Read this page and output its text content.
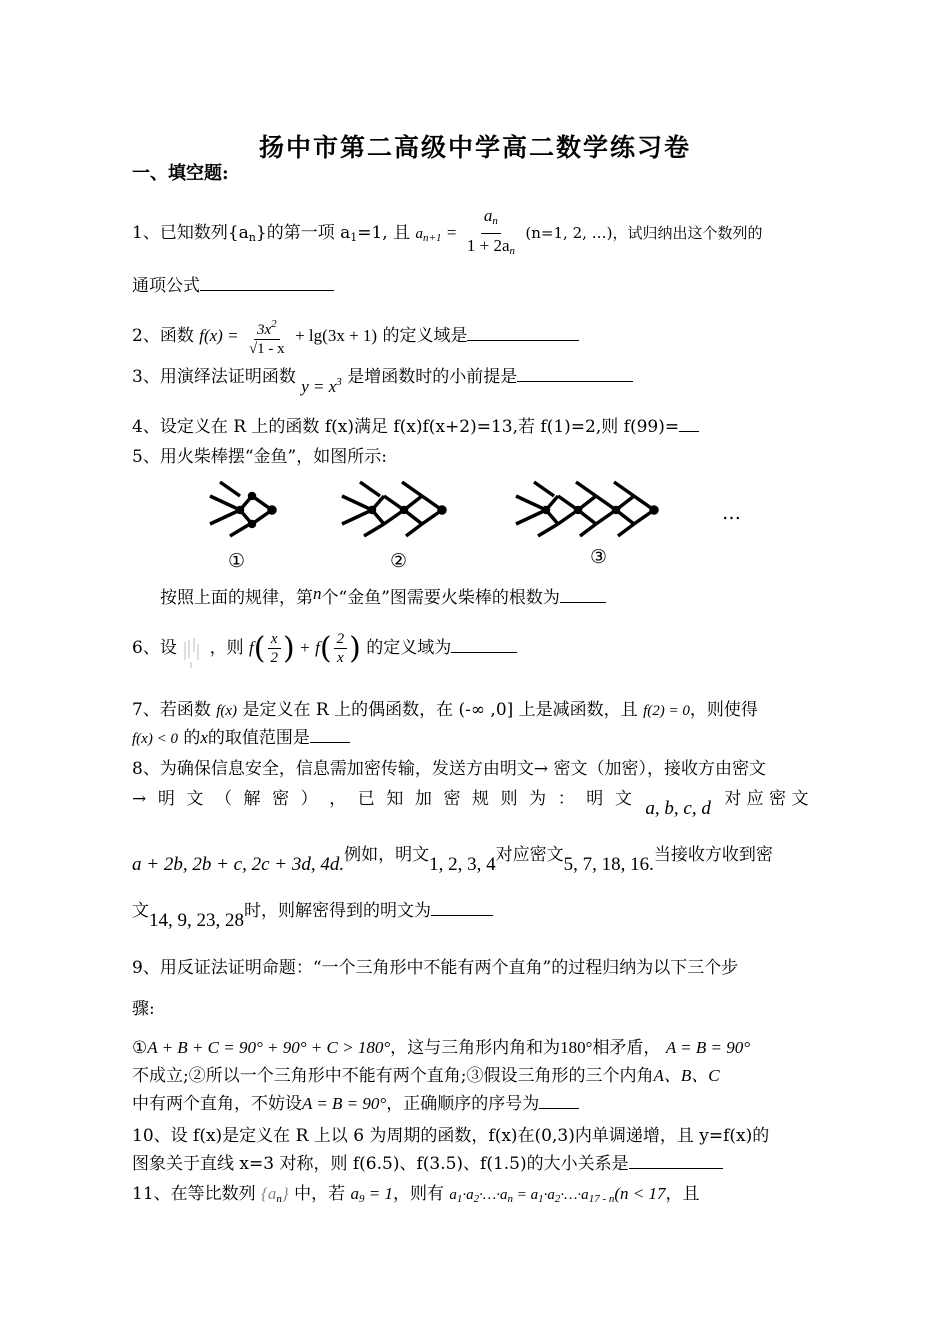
扬中市第二高级中学高二数学练习卷
一、填空题:
1、已知数列$\{a_n\}$的第一项 $a_1=1$, 且 $a_{n+1} = \frac{a_n}{1 + 2a_n} (n=1$, 2, …)，试归纳出这个数列的
通项公式
2、函数 $f(x) = \frac{3x^2}{√1 - x} + \lg(3x + 1)$ 的定义域是
3、用演绎法证明函数 $y = x^3$ 是增函数时的小前提是
4、设定义在 R 上的函数 f(x)满足 f(x)f(x+2)=13,若 f(1)=2,则 f(99)=
5、用火柴棒摆“金鱼”，如图所示:
…
①	②	③
按照上面的规律，第n个“金鱼”图需要火柴棒的根数为
6、设 ，则 $f( \frac{x}{2}$ ) + $f( \frac{2}{x}$ ) 的定义域为
7、若函数 f(x) 是定义在 R 上的偶函数，在 (-∞ ,0] 上是减函数，且 f(2) = 0，则使得
f(x) < 0 的x的取值范围是
8、为确保信息安全，信息需加密传输，发送方由明文→ 密文（加密），接收方由密文
→ 明 文 （ 解 密 ） ， 已 知 加 密 规 则 为 ： 明 文 a, b, c, d 对 应 密 文
a + 2b, 2b + c, 2c + 3d, 4d.例如，明文1, 2, 3, 4对应密文5, 7, 18, 16.当接收方收到密
文14, 9, 23, 28时，则解密得到的明文为
9、用反证法证明命题：“一个三角形中不能有两个直角”的过程归纳为以下三个步
骤:
①A + B + C = 90° + 90° + C > 180°，这与三角形内角和为180°相矛盾， A = B = 90°
不成立;②所以一个三角形中不能有两个直角;③假设三角形的三个内角A、B、C
中有两个直角，不妨设A = B = 90°，正确顺序的序号为
10、设 f(x)是定义在 R 上以 6 为周期的函数，f(x)在(0,3)内单调递增，且 y=f(x)的
图象关于直线 x=3 对称，则 f(6.5)、f(3.5)、f(1.5)的大小关系是
11、在等比数列 $\{a_n\}$ 中，若 $a_9 = 1$，则有 $a_1\cdot a_2\cdot\dots\cdot a_n$ = $a_1\cdot a_2\cdot\dots\cdot a_{17 - n}(n < 17$，且
